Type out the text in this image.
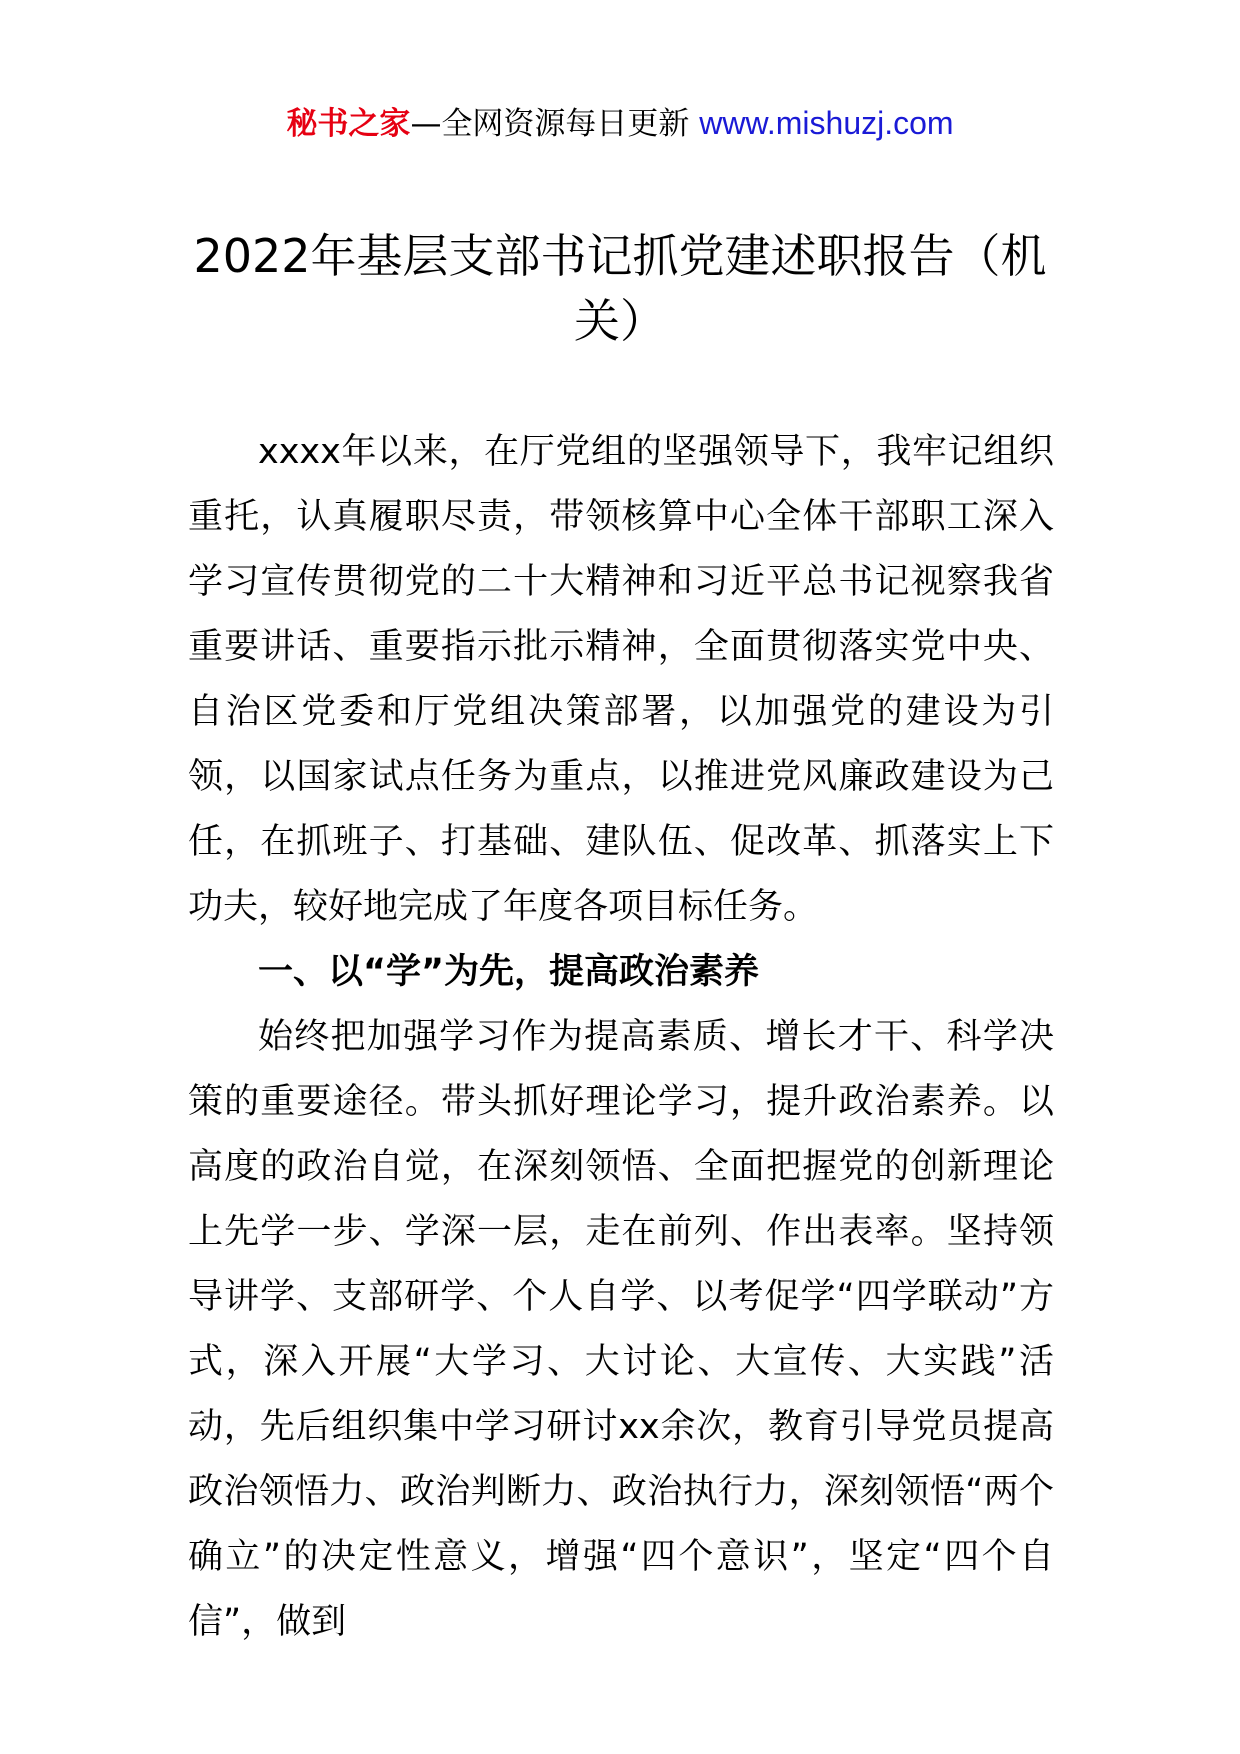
秘书之家—全网资源每日更新 www.mishuzj.com
2022年基层支部书记抓党建述职报告（机关）

xxxx年以来，在厅党组的坚强领导下，我牢记组织重托，认真履职尽责，带领核算中心全体干部职工深入学习宣传贯彻党的二十大精神和习近平总书记视察我省重要讲话、重要指示批示精神，全面贯彻落实党中央、自治区党委和厅党组决策部署，以加强党的建设为引领，以国家试点任务为重点，以推进党风廉政建设为己任，在抓班子、打基础、建队伍、促改革、抓落实上下功夫，较好地完成了年度各项目标任务。

一、以“学”为先，提高政治素养

始终把加强学习作为提高素质、增长才干、科学决策的重要途径。带头抓好理论学习，提升政治素养。以高度的政治自觉，在深刻领悟、全面把握党的创新理论上先学一步、学深一层，走在前列、作出表率。坚持领导讲学、支部研学、个人自学、以考促学“四学联动”方式，深入开展“大学习、大讨论、大宣传、大实践”活动，先后组织集中学习研讨xx余次，教育引导党员提高政治领悟力、政治判断力、政治执行力，深刻领悟“两个确立”的决定性意义，增强“四个意识”，坚定“四个自信”，做到
